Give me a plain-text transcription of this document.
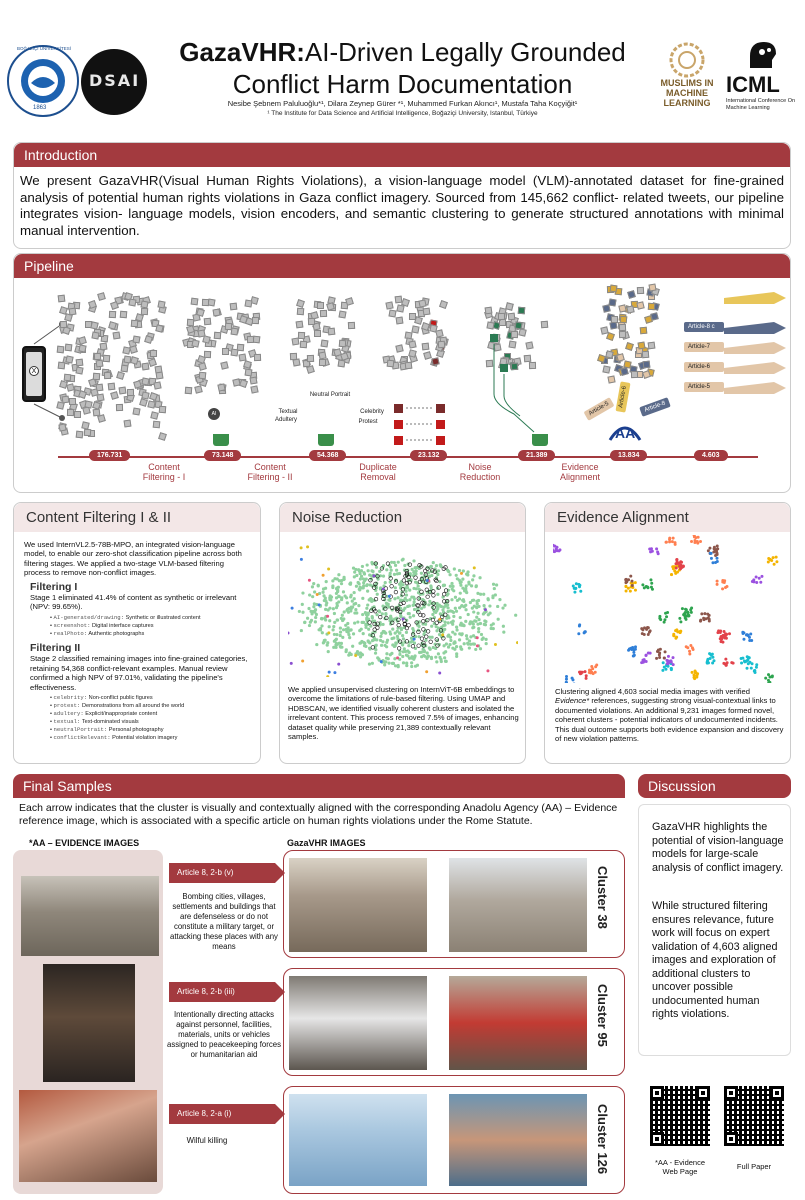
1863
BOĞAZİÇİ ÜNİVERSİTESİ
DSAI
GazaVHR:AI-Driven Legally Grounded
Conflict Harm Documentation
Nesibe Şebnem Paluluoğlu*¹, Dilara Zeynep Gürer *¹, Muhammed Furkan Akıncı¹, Mustafa Taha Koçyiğit¹
¹ The Institute for Data Science and Artificial Intelligence, Boğaziçi University, Istanbul, Türkiye
MUSLIMS IN MACHINE LEARNING
ICML
International Conference On Machine Learning
Introduction
We present GazaVHR(Visual Human Rights Violations), a vision-language model (VLM)-annotated dataset for fine-grained analysis of potential human rights violations in Gaza conflict imagery. Sourced from 145,662 conflict- related tweets, our pipeline integrates vision- language models, vision encoders, and semantic clustering to generate structured annotations with minimal manual intervention.
Pipeline
X
AI
Neutral Portrait
Textual
Adultery
Celebrity
Protest
AA
Article-5
Article-6	Article-8
Article-8 c
Article-7
Article-6
Article-5
176.731	73.148	54.368	23.132	21.389	13.834	4.603
Content Filtering - I
Content Filtering - II
Duplicate Removal
Noise Reduction
Evidence Alignment
Content Filtering I & II
We used InternVL2.5-78B-MPO, an integrated vision-language model, to enable our zero-shot classification pipeline across both filtering stages. We applied a two-stage VLM-based filtering process to remove non-conflict images.
Filtering I
Stage 1 eliminated 41.4% of content as synthetic or irrelevant (NPV: 99.65%).
• AI-generated/drawing: Synthetic or illustrated content
• screenshot: Digital interface captures
• realPhoto: Authentic photographs
Filtering II
Stage 2 classified remaining images into fine-grained categories, retaining 54,368 conflict-relevant examples. Manual review confirmed a high NPV of 97.01%, validating the pipeline's effectiveness.
• celebrity: Non-conflict public figures
• protest: Demonstrations from all around the world
• adultery: Explicit/inappropriate content
• textual: Text-dominated visuals
• neutralPortrait: Personal photography
• conflictRelevant: Potential violation imagery
Noise Reduction
We applied unsupervised clustering on InternViT-6B embeddings to overcome the limitations of rule-based filtering. Using UMAP and HDBSCAN, we identified visually coherent clusters and isolated the irrelevant content. This process removed 7.5% of images, enhancing dataset quality while preserving 21,389 contextually relevant samples.
Evidence Alignment
Clustering aligned 4,603 social media images with verified Evidence* references, suggesting strong visual-contextual links to documented violations. An additional 9,231 images formed novel, coherent clusters - potential indicators of undocumented incidents. This dual outcome supports both evidence expansion and discovery of new violation patterns.
Final Samples
Each arrow indicates that the cluster is visually and contextually aligned with the corresponding Anadolu Agency (AA) – Evidence reference image, which is associated with a specific article on human rights violations under the Rome Statute.
*AA – EVIDENCE IMAGES	GazaVHR IMAGES
Article 8, 2-b (v)
Bombing cities, villages, settlements and buildings that are defenseless or do not constitute a military target, or attacking these places with any means
Cluster 38
Article 8, 2-b (iii)
Intentionally directing attacks against personnel, facilities, materials, units or vehicles assigned to peacekeeping forces or humanitarian aid
Cluster 95
Article 8, 2-a (i)
Wilful killing	Cluster 126
Discussion
GazaVHR highlights the potential of vision-language models for large-scale analysis of conflict imagery.
While structured filtering ensures relevance, future work will focus on expert validation of 4,603 aligned images and exploration of additional clusters to uncover possible undocumented human rights violations.
*AA - Evidence Web Page
Full Paper
